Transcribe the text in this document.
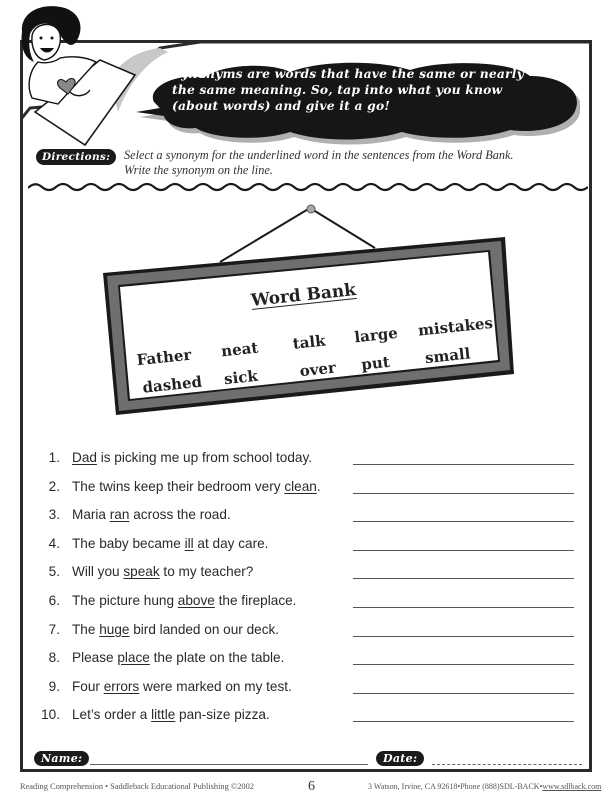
Synonyms are words that have the same or nearly
the same meaning. So, tap into what you know
(about words) and give it a go!
Directions:	Select a synonym for the underlined word in the sentences from the Word Bank.
Write the synonym on the line.
Word Bank
Father neat talk large mistakes
dashed sick	over put small
1. Dad is picking me up from school today.
2. The twins keep their bedroom very clean.
3. Maria ran across the road.
4. The baby became ill at day care.
5. Will you speak to my teacher?
6. The picture hung above the fireplace.
7. The huge bird landed on our deck.
8. Please place the plate on the table.
9. Four errors were marked on my test.
10. Let’s order a little pan-size pizza.
Name:	Date:
Reading Comprehension • Saddleback Educational Publishing ©2002	6	3 Watson, Irvine, CA 92618•Phone (888)SDL-BACK•www.sdlback.com
